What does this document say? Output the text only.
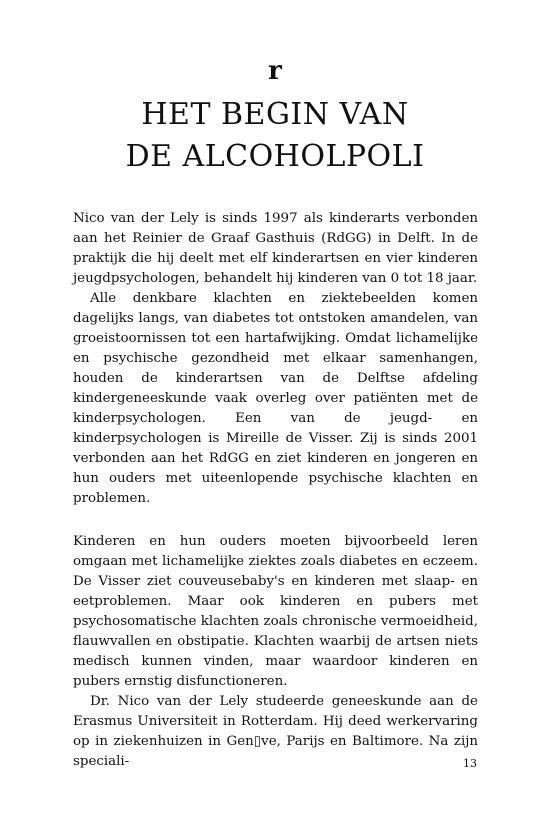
r
HET BEGIN VAN
DE ALCOHOLPOLI

Nico van der Lely is sinds 1997 als kinderarts verbonden aan het Reinier de Graaf Gasthuis (RdGG) in Delft. In de praktijk die hij deelt met elf kinderartsen en vier kinderen jeugdpsychologen, behandelt hij kinderen van 0 tot 18 jaar.

Alle denkbare klachten en ziektebeelden komen dagelijks langs, van diabetes tot ontstoken amandelen, van groeistoornissen tot een hartafwijking. Omdat lichamelijke en psychische gezondheid met elkaar samenhangen, houden de kinderartsen van de Delftse afdeling kindergeneeskunde vaak overleg over patiënten met de kinderpsychologen. Een van de jeugd- en kinderpsychologen is Mireille de Visser. Zij is sinds 2001 verbonden aan het RdGG en ziet kinderen en jongeren en hun ouders met uiteenlopende psychische klachten en problemen.

Kinderen en hun ouders moeten bijvoorbeeld leren omgaan met lichamelijke ziektes zoals diabetes en eczeem. De Visser ziet couveusebaby's en kinderen met slaap- en eetproblemen. Maar ook kinderen en pubers met psychosomatische klachten zoals chronische vermoeidheid, flauwvallen en obstipatie. Klachten waarbij de artsen niets medisch kunnen vinden, maar waardoor kinderen en pubers ernstig disfunctioneren.

Dr. Nico van der Lely studeerde geneeskunde aan de Erasmus Universiteit in Rotterdam. Hij deed werkervaring op in ziekenhuizen in Gen▯ve, Parijs en Baltimore. Na zijn speciali-	13
